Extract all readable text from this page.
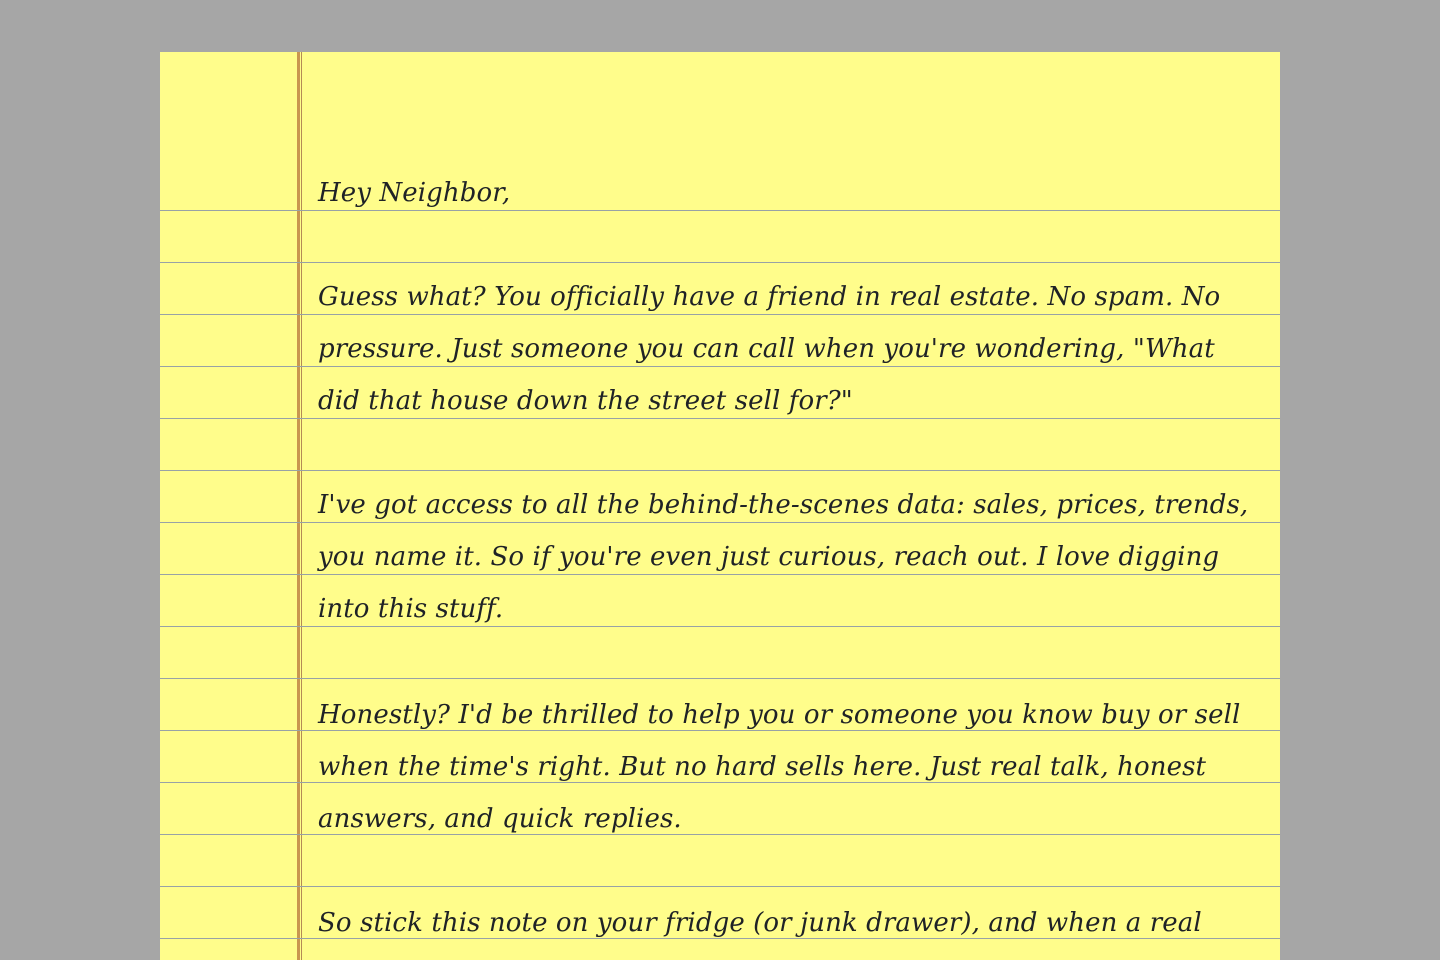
Hey Neighbor,
Guess what? You officially have a friend in real estate. No spam. No
pressure. Just someone you can call when you're wondering, "What
did that house down the street sell for?"
I've got access to all the behind-the-scenes data: sales, prices, trends,
you name it. So if you're even just curious, reach out. I love digging
into this stuff.
Honestly? I'd be thrilled to help you or someone you know buy or sell
when the time's right. But no hard sells here. Just real talk, honest
answers, and quick replies.
So stick this note on your fridge (or junk drawer), and when a real
